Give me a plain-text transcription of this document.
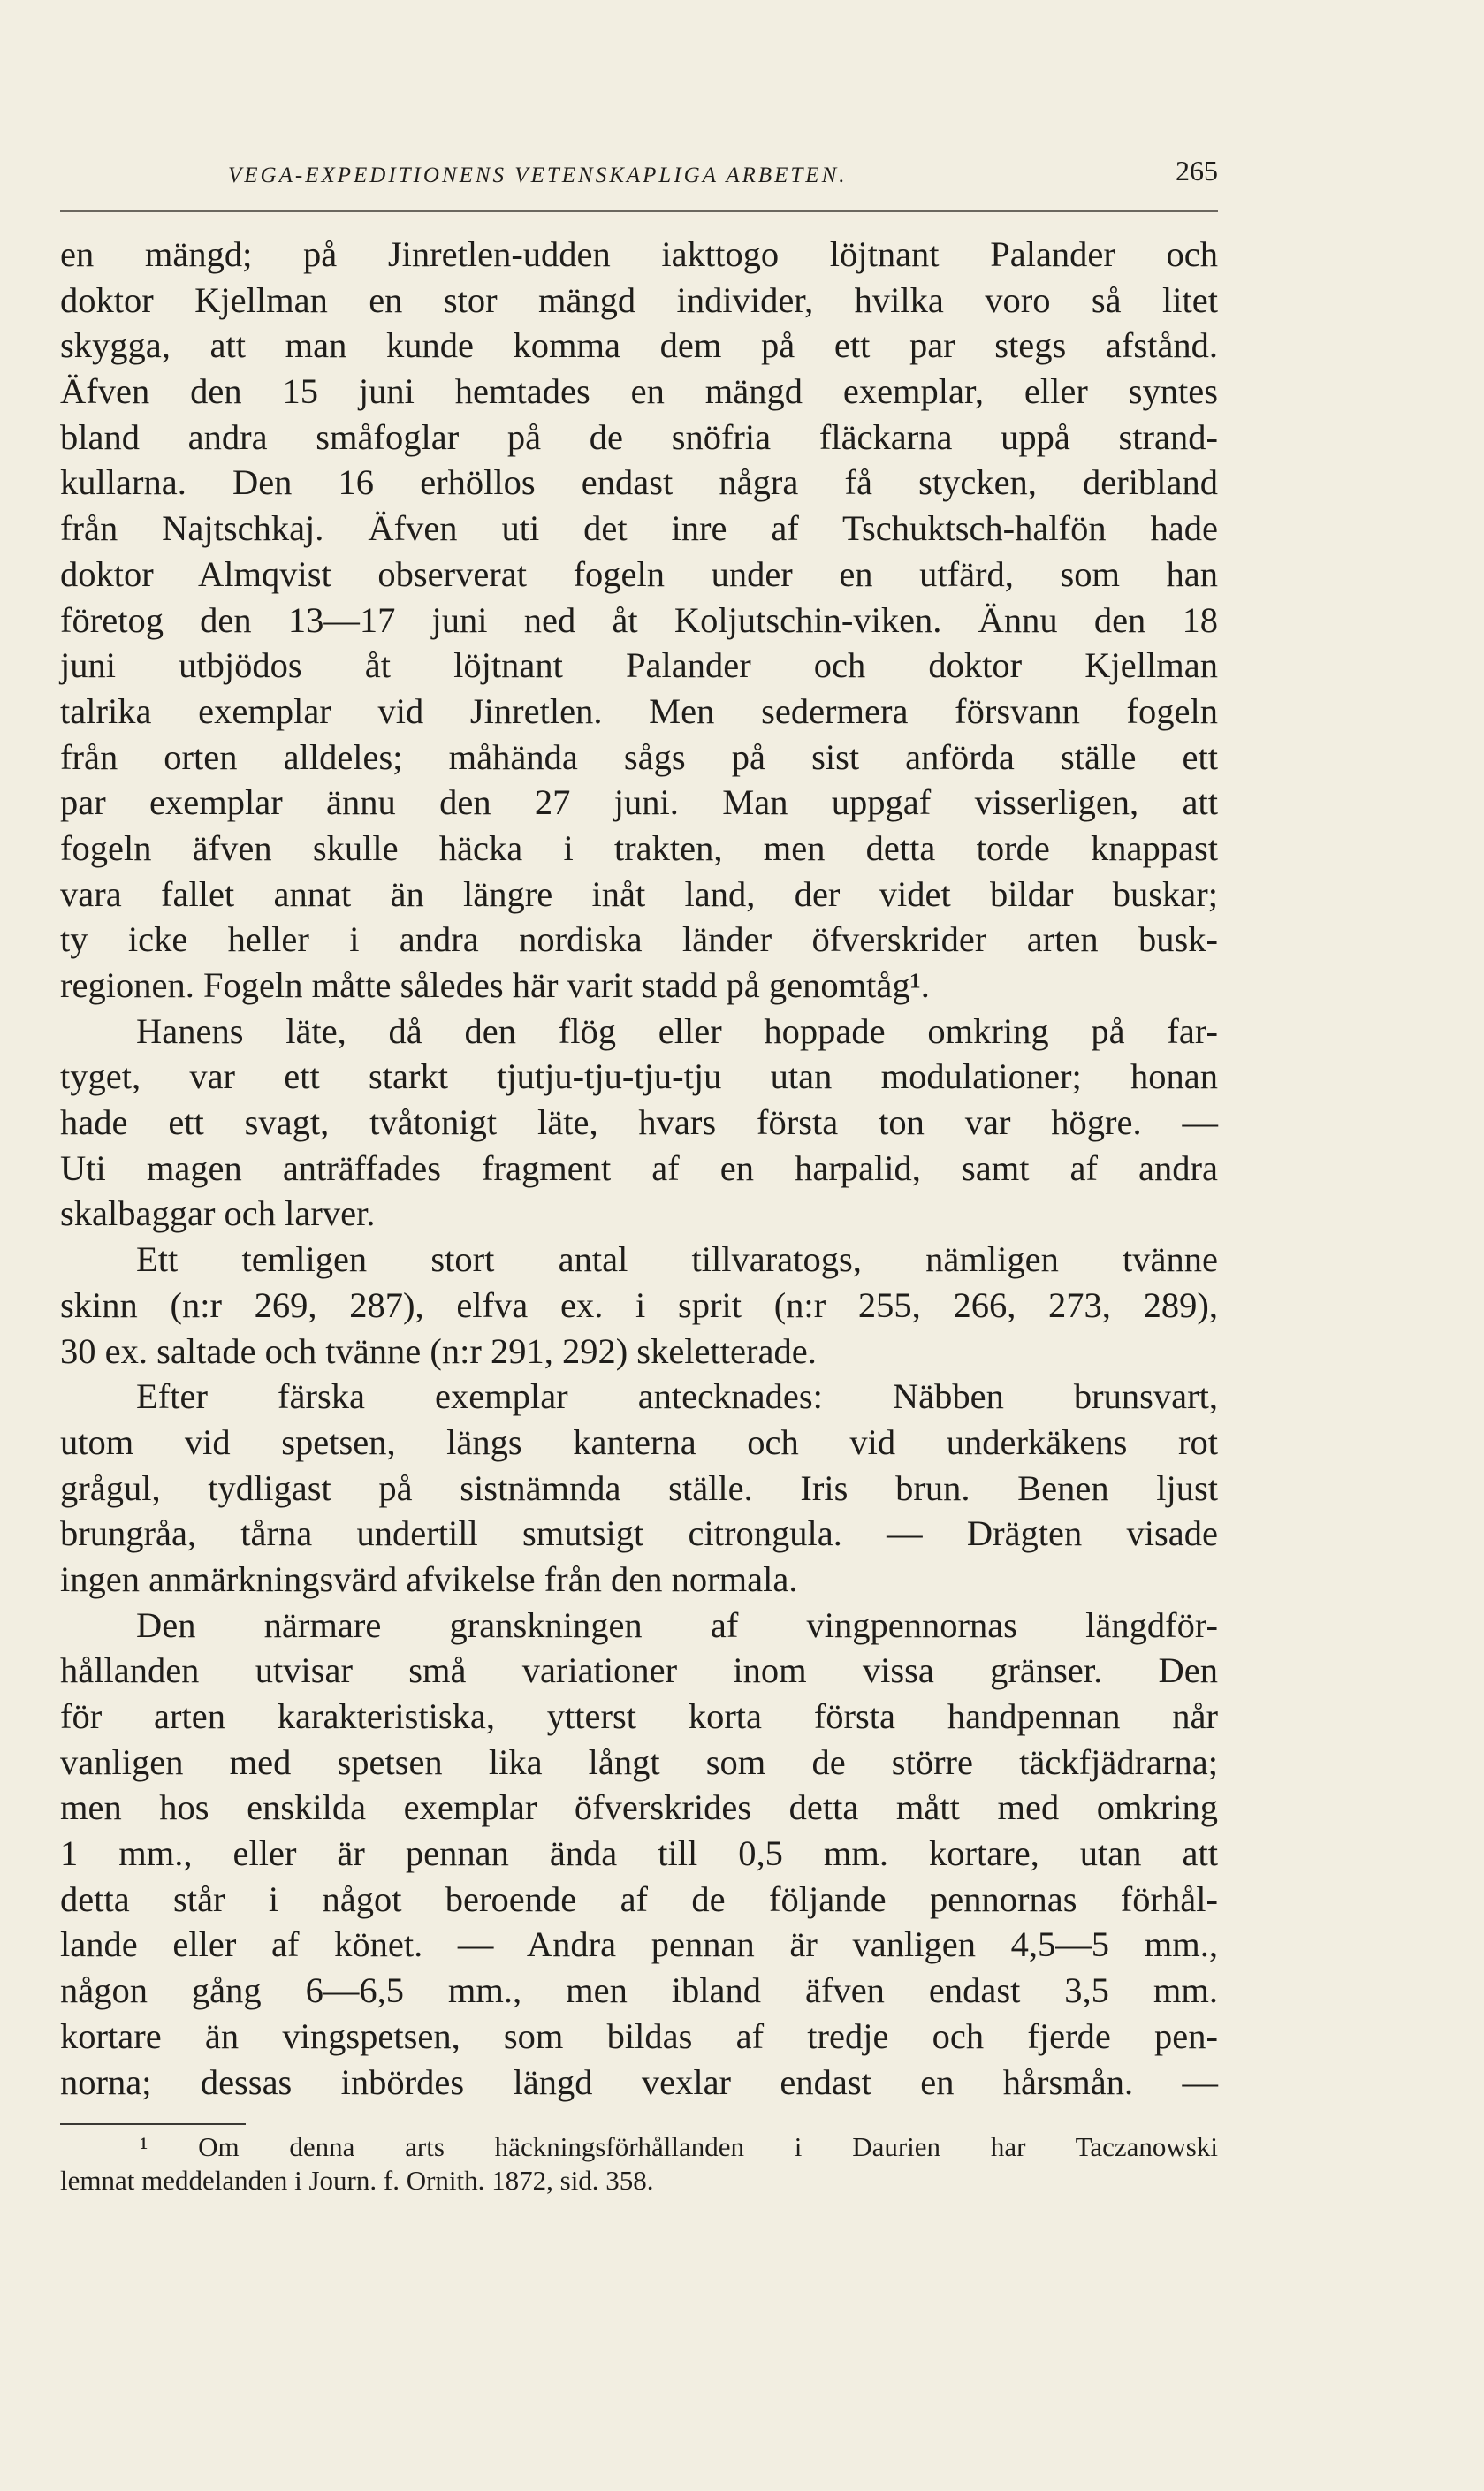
VEGA-EXPEDITIONENS VETENSKAPLIGA ARBETEN.	265
en mängd; på Jinretlen-udden iakttogo löjtnant Palander och
doktor Kjellman en stor mängd individer, hvilka voro så litet
skygga, att man kunde komma dem på ett par stegs afstånd.
Äfven den 15 juni hemtades en mängd exemplar, eller syntes
bland andra småfoglar på de snöfria fläckarna uppå strand-
kullarna. Den 16 erhöllos endast några få stycken, deribland
från Najtschkaj. Äfven uti det inre af Tschuktsch-halfön hade
doktor Almqvist observerat fogeln under en utfärd, som han
företog den 13—17 juni ned åt Koljutschin-viken. Ännu den 18
juni utbjödos åt löjtnant Palander och doktor Kjellman
talrika exemplar vid Jinretlen. Men sedermera försvann fogeln
från orten alldeles; måhända sågs på sist anförda ställe ett
par exemplar ännu den 27 juni. Man uppgaf visserligen, att
fogeln äfven skulle häcka i trakten, men detta torde knappast
vara fallet annat än längre inåt land, der videt bildar buskar;
ty icke heller i andra nordiska länder öfverskrider arten busk-
regionen. Fogeln måtte således här varit stadd på genomtåg¹.
Hanens läte, då den flög eller hoppade omkring på far-
tyget, var ett starkt tjutju-tju-tju-tju utan modulationer; honan
hade ett svagt, tvåtonigt läte, hvars första ton var högre. —
Uti magen anträffades fragment af en harpalid, samt af andra
skalbaggar och larver.
Ett temligen stort antal tillvaratogs, nämligen tvänne
skinn (n:r 269, 287), elfva ex. i sprit (n:r 255, 266, 273, 289),
30 ex. saltade och tvänne (n:r 291, 292) skeletterade.
Efter färska exemplar antecknades: Näbben brunsvart,
utom vid spetsen, längs kanterna och vid underkäkens rot
grågul, tydligast på sistnämnda ställe. Iris brun. Benen ljust
brungråa, tårna undertill smutsigt citrongula. — Drägten visade
ingen anmärkningsvärd afvikelse från den normala.
Den närmare granskningen af vingpennornas längdför-
hållanden utvisar små variationer inom vissa gränser. Den
för arten karakteristiska, ytterst korta första handpennan når
vanligen med spetsen lika långt som de större täckfjädrarna;
men hos enskilda exemplar öfverskrides detta mått med omkring
1 mm., eller är pennan ända till 0,5 mm. kortare, utan att
detta står i något beroende af de följande pennornas förhål-
lande eller af könet. — Andra pennan är vanligen 4,5—5 mm.,
någon gång 6—6,5 mm., men ibland äfven endast 3,5 mm.
kortare än vingspetsen, som bildas af tredje och fjerde pen-
norna; dessas inbördes längd vexlar endast en hårsmån. —
¹ Om denna arts häckningsförhållanden i Daurien har Taczanowski
lemnat meddelanden i Journ. f. Ornith. 1872, sid. 358.
